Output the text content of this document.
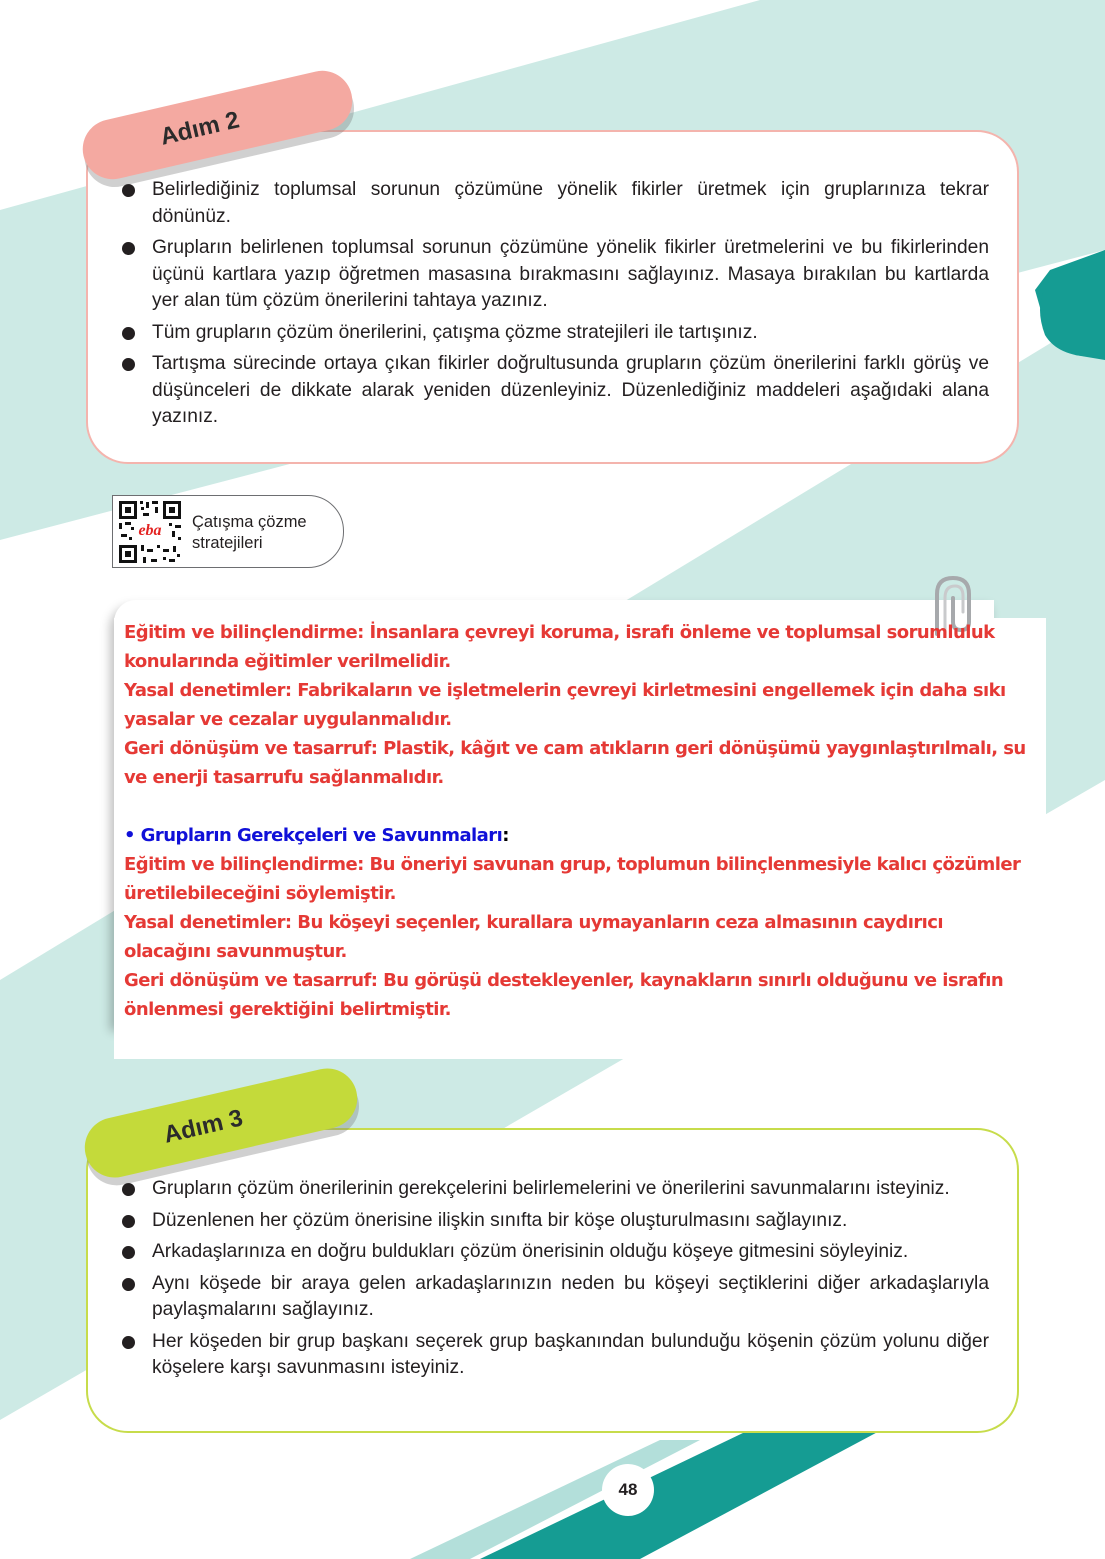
Adım 2
Belirlediğiniz toplumsal sorunun çözümüne yönelik fikirler üretmek için gruplarınıza tekrar dönünüz.
Grupların belirlenen toplumsal sorunun çözümüne yönelik fikirler üretmelerini ve bu fikirlerinden üçünü kartlara yazıp öğretmen masasına bırakmasını sağlayınız. Masaya bırakılan bu kartlarda yer alan tüm çözüm önerilerini tahtaya yazınız.
Tüm grupların çözüm önerilerini, çatışma çözme stratejileri ile tartışınız.
Tartışma sürecinde ortaya çıkan fikirler doğrultusunda grupların çözüm önerilerini farklı görüş ve düşünceleri de dikkate alarak yeniden düzenleyiniz. Düzenlediğiniz maddeleri aşağıdaki alana yazınız.
eba Çatışma çözme stratejileri

Eğitim ve bilinçlendirme: İnsanlara çevreyi koruma, israfı önleme ve toplumsal sorumluluk konularında eğitimler verilmelidir.

Yasal denetimler: Fabrikaların ve işletmelerin çevreyi kirletmesini engellemek için daha sıkı yasalar ve cezalar uygulanmalıdır.

Geri dönüşüm ve tasarruf: Plastik, kâğıt ve cam atıkların geri dönüşümü yaygınlaştırılmalı, su ve enerji tasarrufu sağlanmalıdır.

• Grupların Gerekçeleri ve Savunmaları:

Eğitim ve bilinçlendirme: Bu öneriyi savunan grup, toplumun bilinçlenmesiyle kalıcı çözümler üretilebileceğini söylemiştir.

Yasal denetimler: Bu köşeyi seçenler, kurallara uymayanların ceza almasının caydırıcı olacağını savunmuştur.

Geri dönüşüm ve tasarruf: Bu görüşü destekleyenler, kaynakların sınırlı olduğunu ve israfın önlenmesi gerektiğini belirtmiştir.

Adım 3
Grupların çözüm önerilerinin gerekçelerini belirlemelerini ve önerilerini savunmalarını isteyiniz.
Düzenlenen her çözüm önerisine ilişkin sınıfta bir köşe oluşturulmasını sağlayınız.
Arkadaşlarınıza en doğru buldukları çözüm önerisinin olduğu köşeye gitmesini söyleyiniz.
Aynı köşede bir araya gelen arkadaşlarınızın neden bu köşeyi seçtiklerini diğer arkadaşlarıyla paylaşmalarını sağlayınız.
Her köşeden bir grup başkanı seçerek grup başkanından bulunduğu köşenin çözüm yolunu diğer köşelere karşı savunmasını isteyiniz.
48
